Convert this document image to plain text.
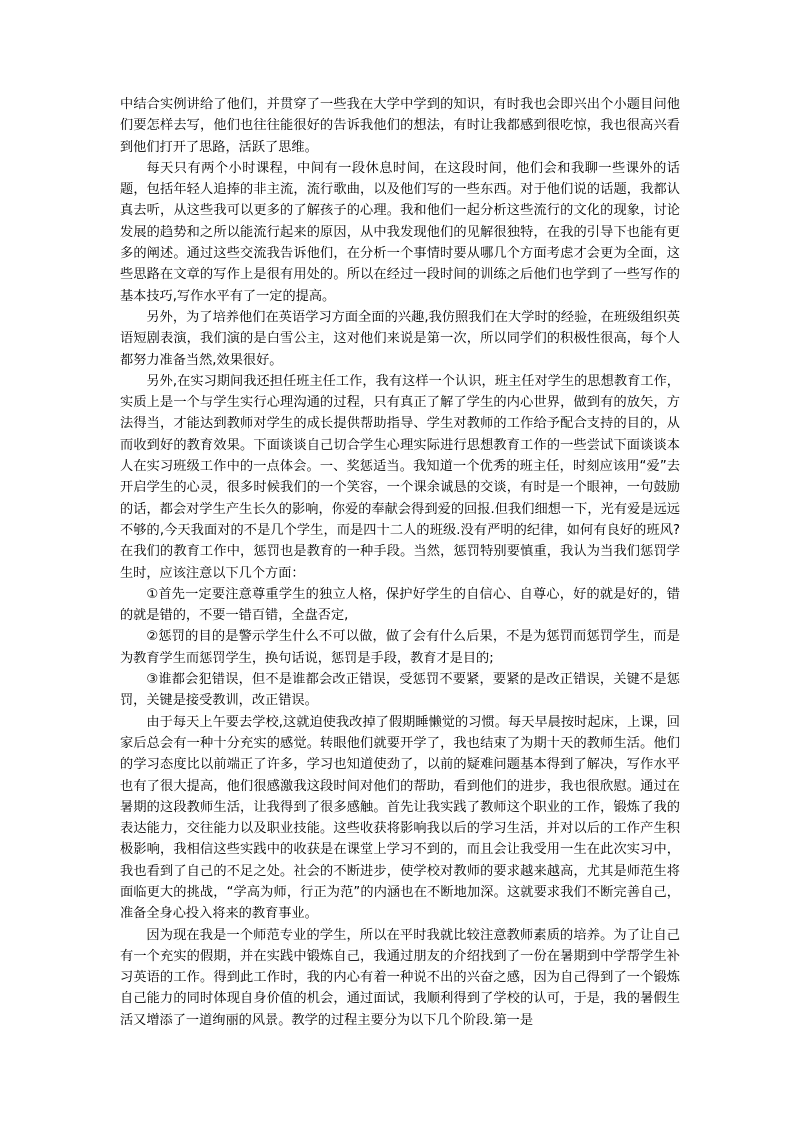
中结合实例讲给了他们，并贯穿了一些我在大学中学到的知识，有时我也会即兴出个小题目问他们要怎样去写，他们也往往能很好的告诉我他们的想法，有时让我都感到很吃惊，我也很高兴看到他们打开了思路，活跃了思维。

每天只有两个小时课程，中间有一段休息时间，在这段时间，他们会和我聊一些课外的话题，包括年轻人追捧的非主流，流行歌曲，以及他们写的一些东西。对于他们说的话题，我都认真去听，从这些我可以更多的了解孩子的心理。我和他们一起分析这些流行的文化的现象，讨论发展的趋势和之所以能流行起来的原因，从中我发现他们的见解很独特，在我的引导下也能有更多的阐述。通过这些交流我告诉他们，在分析一个事情时要从哪几个方面考虑才会更为全面，这些思路在文章的写作上是很有用处的。所以在经过一段时间的训练之后他们也学到了一些写作的基本技巧,写作水平有了一定的提高。

另外，为了培养他们在英语学习方面全面的兴趣,我仿照我们在大学时的经验，在班级组织英语短剧表演，我们演的是白雪公主，这对他们来说是第一次，所以同学们的积极性很高，每个人都努力准备当然,效果很好。

另外,在实习期间我还担任班主任工作，我有这样一个认识，班主任对学生的思想教育工作，实质上是一个与学生实行心理沟通的过程，只有真正了解了学生的内心世界，做到有的放矢，方法得当，才能达到教师对学生的成长提供帮助指导、学生对教师的工作给予配合支持的目的，从而收到好的教育效果。下面谈谈自己切合学生心理实际进行思想教育工作的一些尝试下面谈谈本人在实习班级工作中的一点体会。一、奖惩适当。我知道一个优秀的班主任，时刻应该用“爱”去开启学生的心灵，很多时候我们的一个笑容，一个课余诚恳的交谈，有时是一个眼神，一句鼓励的话，都会对学生产生长久的影响，你爱的奉献会得到爱的回报.但我们细想一下，光有爱是远远不够的,今天我面对的不是几个学生，而是四十二人的班级.没有严明的纪律，如何有良好的班风?在我们的教育工作中，惩罚也是教育的一种手段。当然，惩罚特别要慎重，我认为当我们惩罚学生时，应该注意以下几个方面：

①首先一定要注意尊重学生的独立人格，保护好学生的自信心、自尊心，好的就是好的，错的就是错的，不要一错百错，全盘否定,

②惩罚的目的是警示学生什么不可以做，做了会有什么后果，不是为惩罚而惩罚学生，而是为教育学生而惩罚学生，换句话说，惩罚是手段，教育才是目的;

③谁都会犯错误，但不是谁都会改正错误，受惩罚不要紧，要紧的是改正错误，关键不是惩罚，关键是接受教训，改正错误。

由于每天上午要去学校,这就迫使我改掉了假期睡懒觉的习惯。每天早晨按时起床，上课，回家后总会有一种十分充实的感觉。转眼他们就要开学了，我也结束了为期十天的教师生活。他们的学习态度比以前端正了许多，学习也知道使劲了，以前的疑难问题基本得到了解决，写作水平也有了很大提高，他们很感激我这段时间对他们的帮助，看到他们的进步，我也很欣慰。通过在暑期的这段教师生活，让我得到了很多感触。首先让我实践了教师这个职业的工作，锻炼了我的表达能力，交往能力以及职业技能。这些收获将影响我以后的学习生活，并对以后的工作产生积极影响，我相信这些实践中的收获是在课堂上学习不到的，而且会让我受用一生在此次实习中，我也看到了自己的不足之处。社会的不断进步，使学校对教师的要求越来越高，尤其是师范生将面临更大的挑战，“学高为师，行正为范”的内涵也在不断地加深。这就要求我们不断完善自己，准备全身心投入将来的教育事业。

因为现在我是一个师范专业的学生，所以在平时我就比较注意教师素质的培养。为了让自己有一个充实的假期，并在实践中锻炼自己，我通过朋友的介绍找到了一份在暑期到中学帮学生补习英语的工作。得到此工作时，我的内心有着一种说不出的兴奋之感，因为自己得到了一个锻炼自己能力的同时体现自身价值的机会，通过面试，我顺利得到了学校的认可，于是，我的暑假生活又增添了一道绚丽的风景。教学的过程主要分为以下几个阶段.第一是
